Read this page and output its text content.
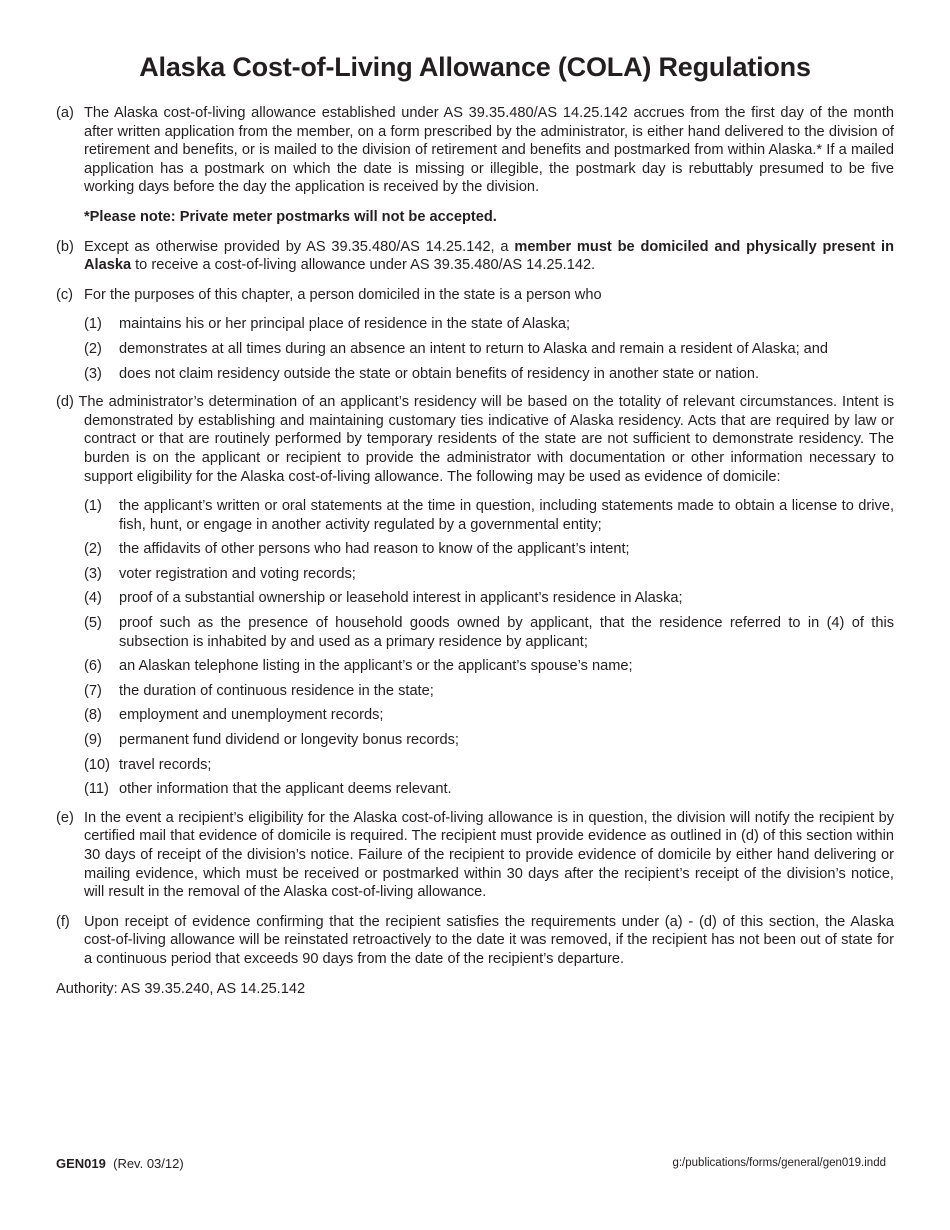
Alaska Cost-of-Living Allowance (COLA) Regulations

(a) The Alaska cost-of-living allowance established under AS 39.35.480/AS 14.25.142 accrues from the first day of the month after written application from the member, on a form prescribed by the administrator, is either hand delivered to the division of retirement and benefits, or is mailed to the division of retirement and benefits and postmarked from within Alaska.* If a mailed application has a postmark on which the date is missing or illegible, the postmark day is rebuttably presumed to be five working days before the day the application is received by the division.

*Please note: Private meter postmarks will not be accepted.

(b) Except as otherwise provided by AS 39.35.480/AS 14.25.142, a member must be domiciled and physically present in Alaska to receive a cost-of-living allowance under AS 39.35.480/AS 14.25.142.

(c) For the purposes of this chapter, a person domiciled in the state is a person who

(1) maintains his or her principal place of residence in the state of Alaska;

(2) demonstrates at all times during an absence an intent to return to Alaska and remain a resident of Alaska; and

(3) does not claim residency outside the state or obtain benefits of residency in another state or nation.

(d) The administrator’s determination of an applicant’s residency will be based on the totality of relevant circumstances. Intent is demonstrated by establishing and maintaining customary ties indicative of Alaska residency. Acts that are required by law or contract or that are routinely performed by temporary residents of the state are not sufficient to demonstrate residency. The burden is on the applicant or recipient to provide the administrator with documentation or other information necessary to support eligibility for the Alaska cost-of-living allowance. The following may be used as evidence of domicile:

(1) the applicant’s written or oral statements at the time in question, including statements made to obtain a license to drive, fish, hunt, or engage in another activity regulated by a governmental entity;

(2) the affidavits of other persons who had reason to know of the applicant’s intent;

(3) voter registration and voting records;

(4) proof of a substantial ownership or leasehold interest in applicant’s residence in Alaska;

(5) proof such as the presence of household goods owned by applicant, that the residence referred to in (4) of this subsection is inhabited by and used as a primary residence by applicant;

(6) an Alaskan telephone listing in the applicant’s or the applicant’s spouse’s name;

(7) the duration of continuous residence in the state;

(8) employment and unemployment records;

(9) permanent fund dividend or longevity bonus records;

(10) travel records;

(11) other information that the applicant deems relevant.

(e) In the event a recipient’s eligibility for the Alaska cost-of-living allowance is in question, the division will notify the recipient by certified mail that evidence of domicile is required. The recipient must provide evidence as outlined in (d) of this section within 30 days of receipt of the division’s notice. Failure of the recipient to provide evidence of domicile by either hand delivering or mailing evidence, which must be received or postmarked within 30 days after the recipient’s receipt of the division’s notice, will result in the removal of the Alaska cost-of-living allowance.

(f) Upon receipt of evidence confirming that the recipient satisfies the requirements under (a) - (d) of this section, the Alaska cost-of-living allowance will be reinstated retroactively to the date it was removed, if the recipient has not been out of state for a continuous period that exceeds 90 days from the date of the recipient’s departure.

Authority: AS 39.35.240, AS 14.25.142

GEN019 (Rev. 03/12)	g:/publications/forms/general/gen019.indd
